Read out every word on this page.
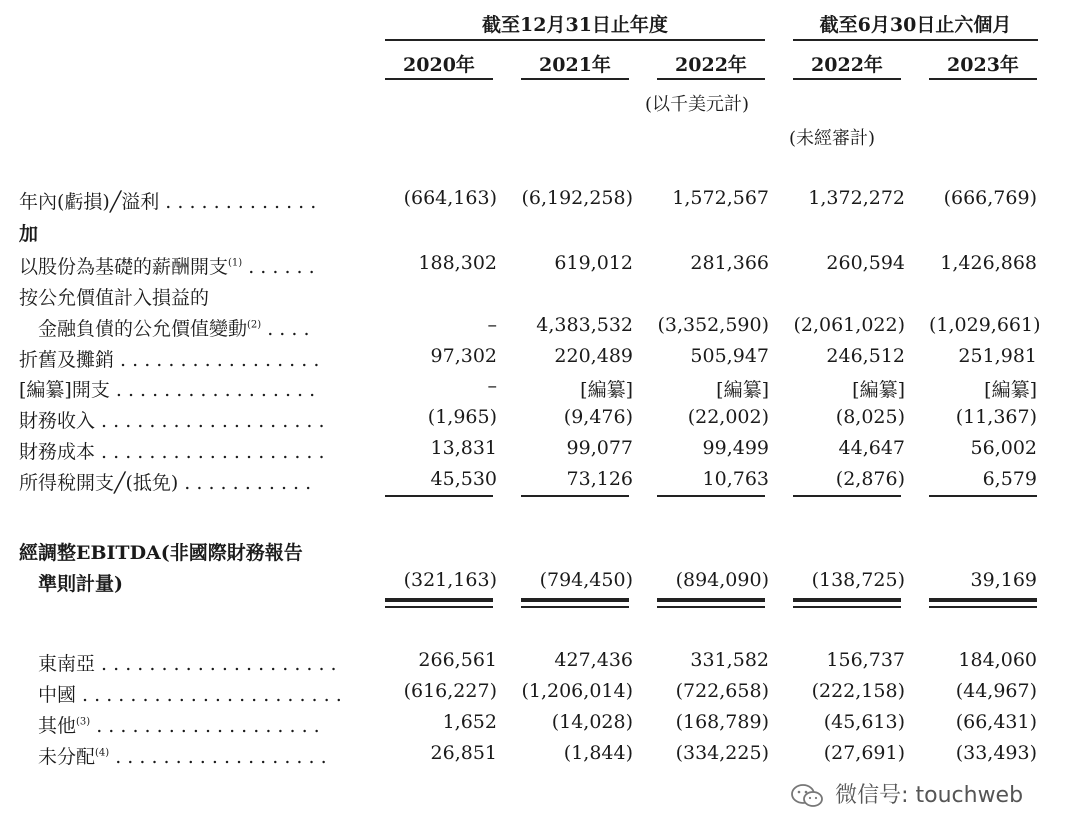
截至12月31日止年度	截至6月30日止六個月
2020年	2021年	2022年	2022年	2023年
(以千美元計)
(未經審計)
年內(虧損)╱溢利 . . . . . . . . . . . . .	(664,163) (6,192,258)	1,572,567	1,372,272	(666,769)
加
以股份為基礎的薪酬開支$^{(1)}$ . . . . . .	188,302	619,012	281,366	260,594	1,426,868
按公允價值計入損益的
金融負債的公允價值變動$^{(2)}$ . . . .	–	4,383,532 (3,352,590) (2,061,022) (1,029,661)
折舊及攤銷 . . . . . . . . . . . . . . . . .	97,302	220,489	505,947	246,512	251,981
[編纂]開支 . . . . . . . . . . . . . . . . .	–	[編纂]	[編纂]	[編纂]	[編纂]
財務收入 . . . . . . . . . . . . . . . . . . .	(1,965)	(9,476)	(22,002)	(8,025)	(11,367)
財務成本 . . . . . . . . . . . . . . . . . . .	13,831	99,077	99,499	44,647	56,002
所得稅開支╱(抵免) . . . . . . . . . . .	45,530	73,126	10,763	(2,876)	6,579
經調整EBITDA(非國際財務報告
準則計量)	(321,163)	(794,450)	(894,090)	(138,725)	39,169
東南亞 . . . . . . . . . . . . . . . . . . . .	266,561	427,436	331,582	156,737	184,060
中國 . . . . . . . . . . . . . . . . . . . . . .	(616,227) (1,206,014)	(722,658)	(222,158)	(44,967)
其他$^{(3)}$ . . . . . . . . . . . . . . . . . . .	1,652	(14,028)	(168,789)	(45,613)	(66,431)
未分配$^{(4)}$ . . . . . . . . . . . . . . . . . .	26,851	(1,844)	(334,225)	(27,691)	(33,493)
微信号: touchweb
